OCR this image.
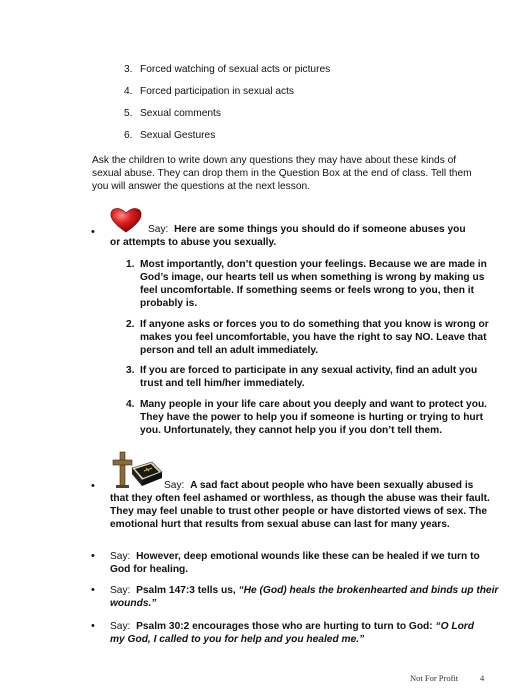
3. Forced watching of sexual acts or pictures
4. Forced participation in sexual acts
5. Sexual comments
6. Sexual Gestures
Ask the children to write down any questions they may have about these kinds of sexual abuse. They can drop them in the Question Box at the end of class. Tell them you will answer the questions at the next lesson.
•	Say: Here are some things you should do if someone abuses you
or attempts to abuse you sexually.
1. Most importantly, don’t question your feelings. Because we are made in God’s image, our hearts tell us when something is wrong by making us feel uncomfortable. If something seems or feels wrong to you, then it probably is.
2. If anyone asks or forces you to do something that you know is wrong or makes you feel uncomfortable, you have the right to say NO. Leave that person and tell an adult immediately.
3. If you are forced to participate in any sexual activity, find an adult you trust and tell him/her immediately.
4. Many people in your life care about you deeply and want to protect you. They have the power to help you if someone is hurting or trying to hurt you. Unfortunately, they cannot help you if you don’t tell them.
•	Say: A sad fact about people who have been sexually abused is
that they often feel ashamed or worthless, as though the abuse was their fault. They may feel unable to trust other people or have distorted views of sex. The emotional hurt that results from sexual abuse can last for many years.
• Say: However, deep emotional wounds like these can be healed if we turn to God for healing.
• Say: Psalm 147:3 tells us, “He (God) heals the brokenhearted and binds up their wounds.”
• Say: Psalm 30:2 encourages those who are hurting to turn to God: “O Lord my God, I called to you for help and you healed me.”
Not For Profit	4
